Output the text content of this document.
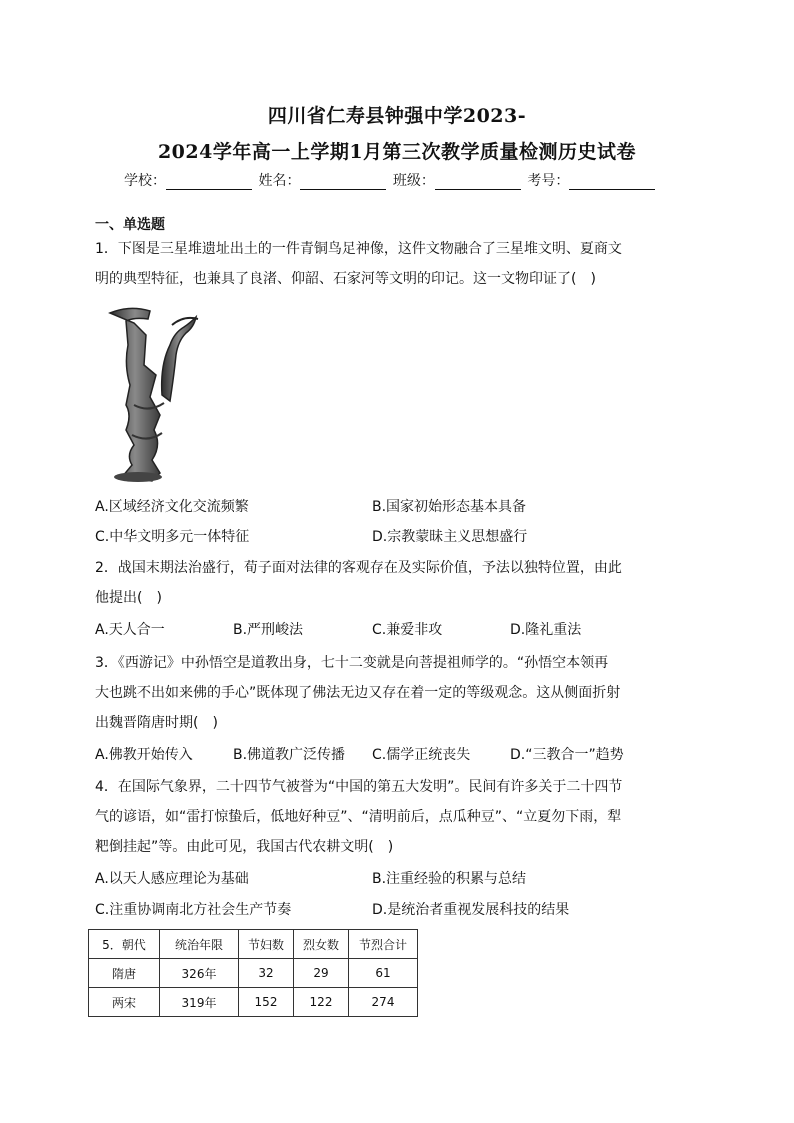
四川省仁寿县钟强中学2023-
2024学年高一上学期1月第三次教学质量检测历史试卷
学校：	姓名：	班级：	考号：
一、单选题
1．下图是三星堆遗址出土的一件青铜鸟足神像，这件文物融合了三星堆文明、夏商文
明的典型特征，也兼具了良渚、仰韶、石家河等文明的印记。这一文物印证了(　)
A.区域经济文化交流频繁	B.国家初始形态基本具备
C.中华文明多元一体特征	D.宗教蒙昧主义思想盛行
2．战国末期法治盛行，荀子面对法律的客观存在及实际价值，予法以独特位置，由此
他提出(　)
A.天人合一	B.严刑峻法	C.兼爱非攻	D.隆礼重法
3．《西游记》中孙悟空是道教出身，七十二变就是向菩提祖师学的。“孙悟空本领再
大也跳不出如来佛的手心”既体现了佛法无边又存在着一定的等级观念。这从侧面折射
出魏晋隋唐时期(　)
A.佛教开始传入	B.佛道教广泛传播 C.儒学正统丧失	D.“三教合一”趋势
4．在国际气象界，二十四节气被誉为“中国的第五大发明”。民间有许多关于二十四节
气的谚语，如“雷打惊蛰后，低地好种豆”、“清明前后，点瓜种豆”、“立夏勿下雨，犁
粑倒挂起”等。由此可见，我国古代农耕文明(　)
A.以天人感应理论为基础	B.注重经验的积累与总结
C.注重协调南北方社会生产节奏	D.是统治者重视发展科技的结果
5．朝代	统治年限	节妇数	烈女数	节烈合计
隋唐	326年	32	29	61
两宋	319年	152	122	274
